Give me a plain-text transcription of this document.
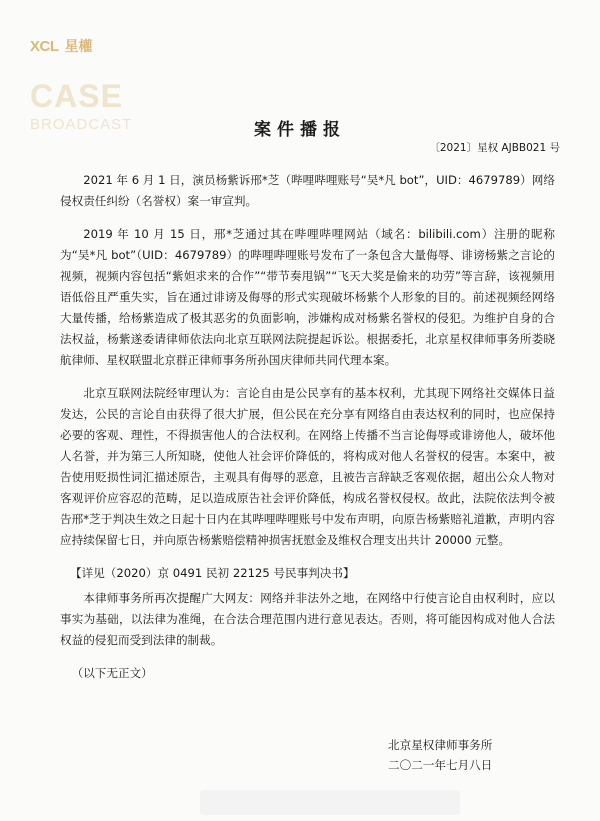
XCL 星權
CASE
BROADCAST	案件播报
〔2021〕星权 AJBB021 号

2021 年 6 月 1 日，演员杨紫诉邢*芝（哔哩哔哩账号“吴*凡 bot”，UID：4679789）网络侵权责任纠纷（名誉权）案一审宣判。

2019 年 10 月 15 日，邢*芝通过其在哔哩哔哩网站（域名：bilibili.com）注册的昵称为“吴*凡 bot”（UID：4679789）的哔哩哔哩账号发布了一条包含大量侮辱、诽谤杨紫之言论的视频，视频内容包括“紫妲求来的合作”“带节奏甩锅”“飞天大奖是偷来的功劳”等言辞，该视频用语低俗且严重失实，旨在通过诽谤及侮辱的形式实现破坏杨紫个人形象的目的。前述视频经网络大量传播，给杨紫造成了极其恶劣的负面影响，涉嫌构成对杨紫名誉权的侵犯。为维护自身的合法权益，杨紫遂委请律师依法向北京互联网法院提起诉讼。根据委托，北京星权律师事务所娄晓航律师、星权联盟北京群正律师事务所孙国庆律师共同代理本案。

北京互联网法院经审理认为：言论自由是公民享有的基本权利，尤其现下网络社交媒体日益发达，公民的言论自由获得了很大扩展，但公民在充分享有网络自由表达权利的同时，也应保持必要的客观、理性，不得损害他人的合法权利。在网络上传播不当言论侮辱或诽谤他人，破坏他人名誉，并为第三人所知晓，使他人社会评价降低的，将构成对他人名誉权的侵害。本案中，被告使用贬损性词汇描述原告，主观具有侮辱的恶意，且被告言辞缺乏客观依据，超出公众人物对客观评价应容忍的范畴，足以造成原告社会评价降低，构成名誉权侵权。故此，法院依法判令被告邢*芝于判决生效之日起十日内在其哔哩哔哩账号中发布声明，向原告杨紫赔礼道歉，声明内容应持续保留七日，并向原告杨紫赔偿精神损害抚慰金及维权合理支出共计 20000 元整。

【详见（2020）京 0491 民初 22125 号民事判决书】

本律师事务所再次提醒广大网友：网络并非法外之地，在网络中行使言论自由权利时，应以事实为基础，以法律为准绳，在合法合理范围内进行意见表达。否则，将可能因构成对他人合法权益的侵犯而受到法律的制裁。

（以下无正文）

北京星权律师事务所
二〇二一年七月八日
